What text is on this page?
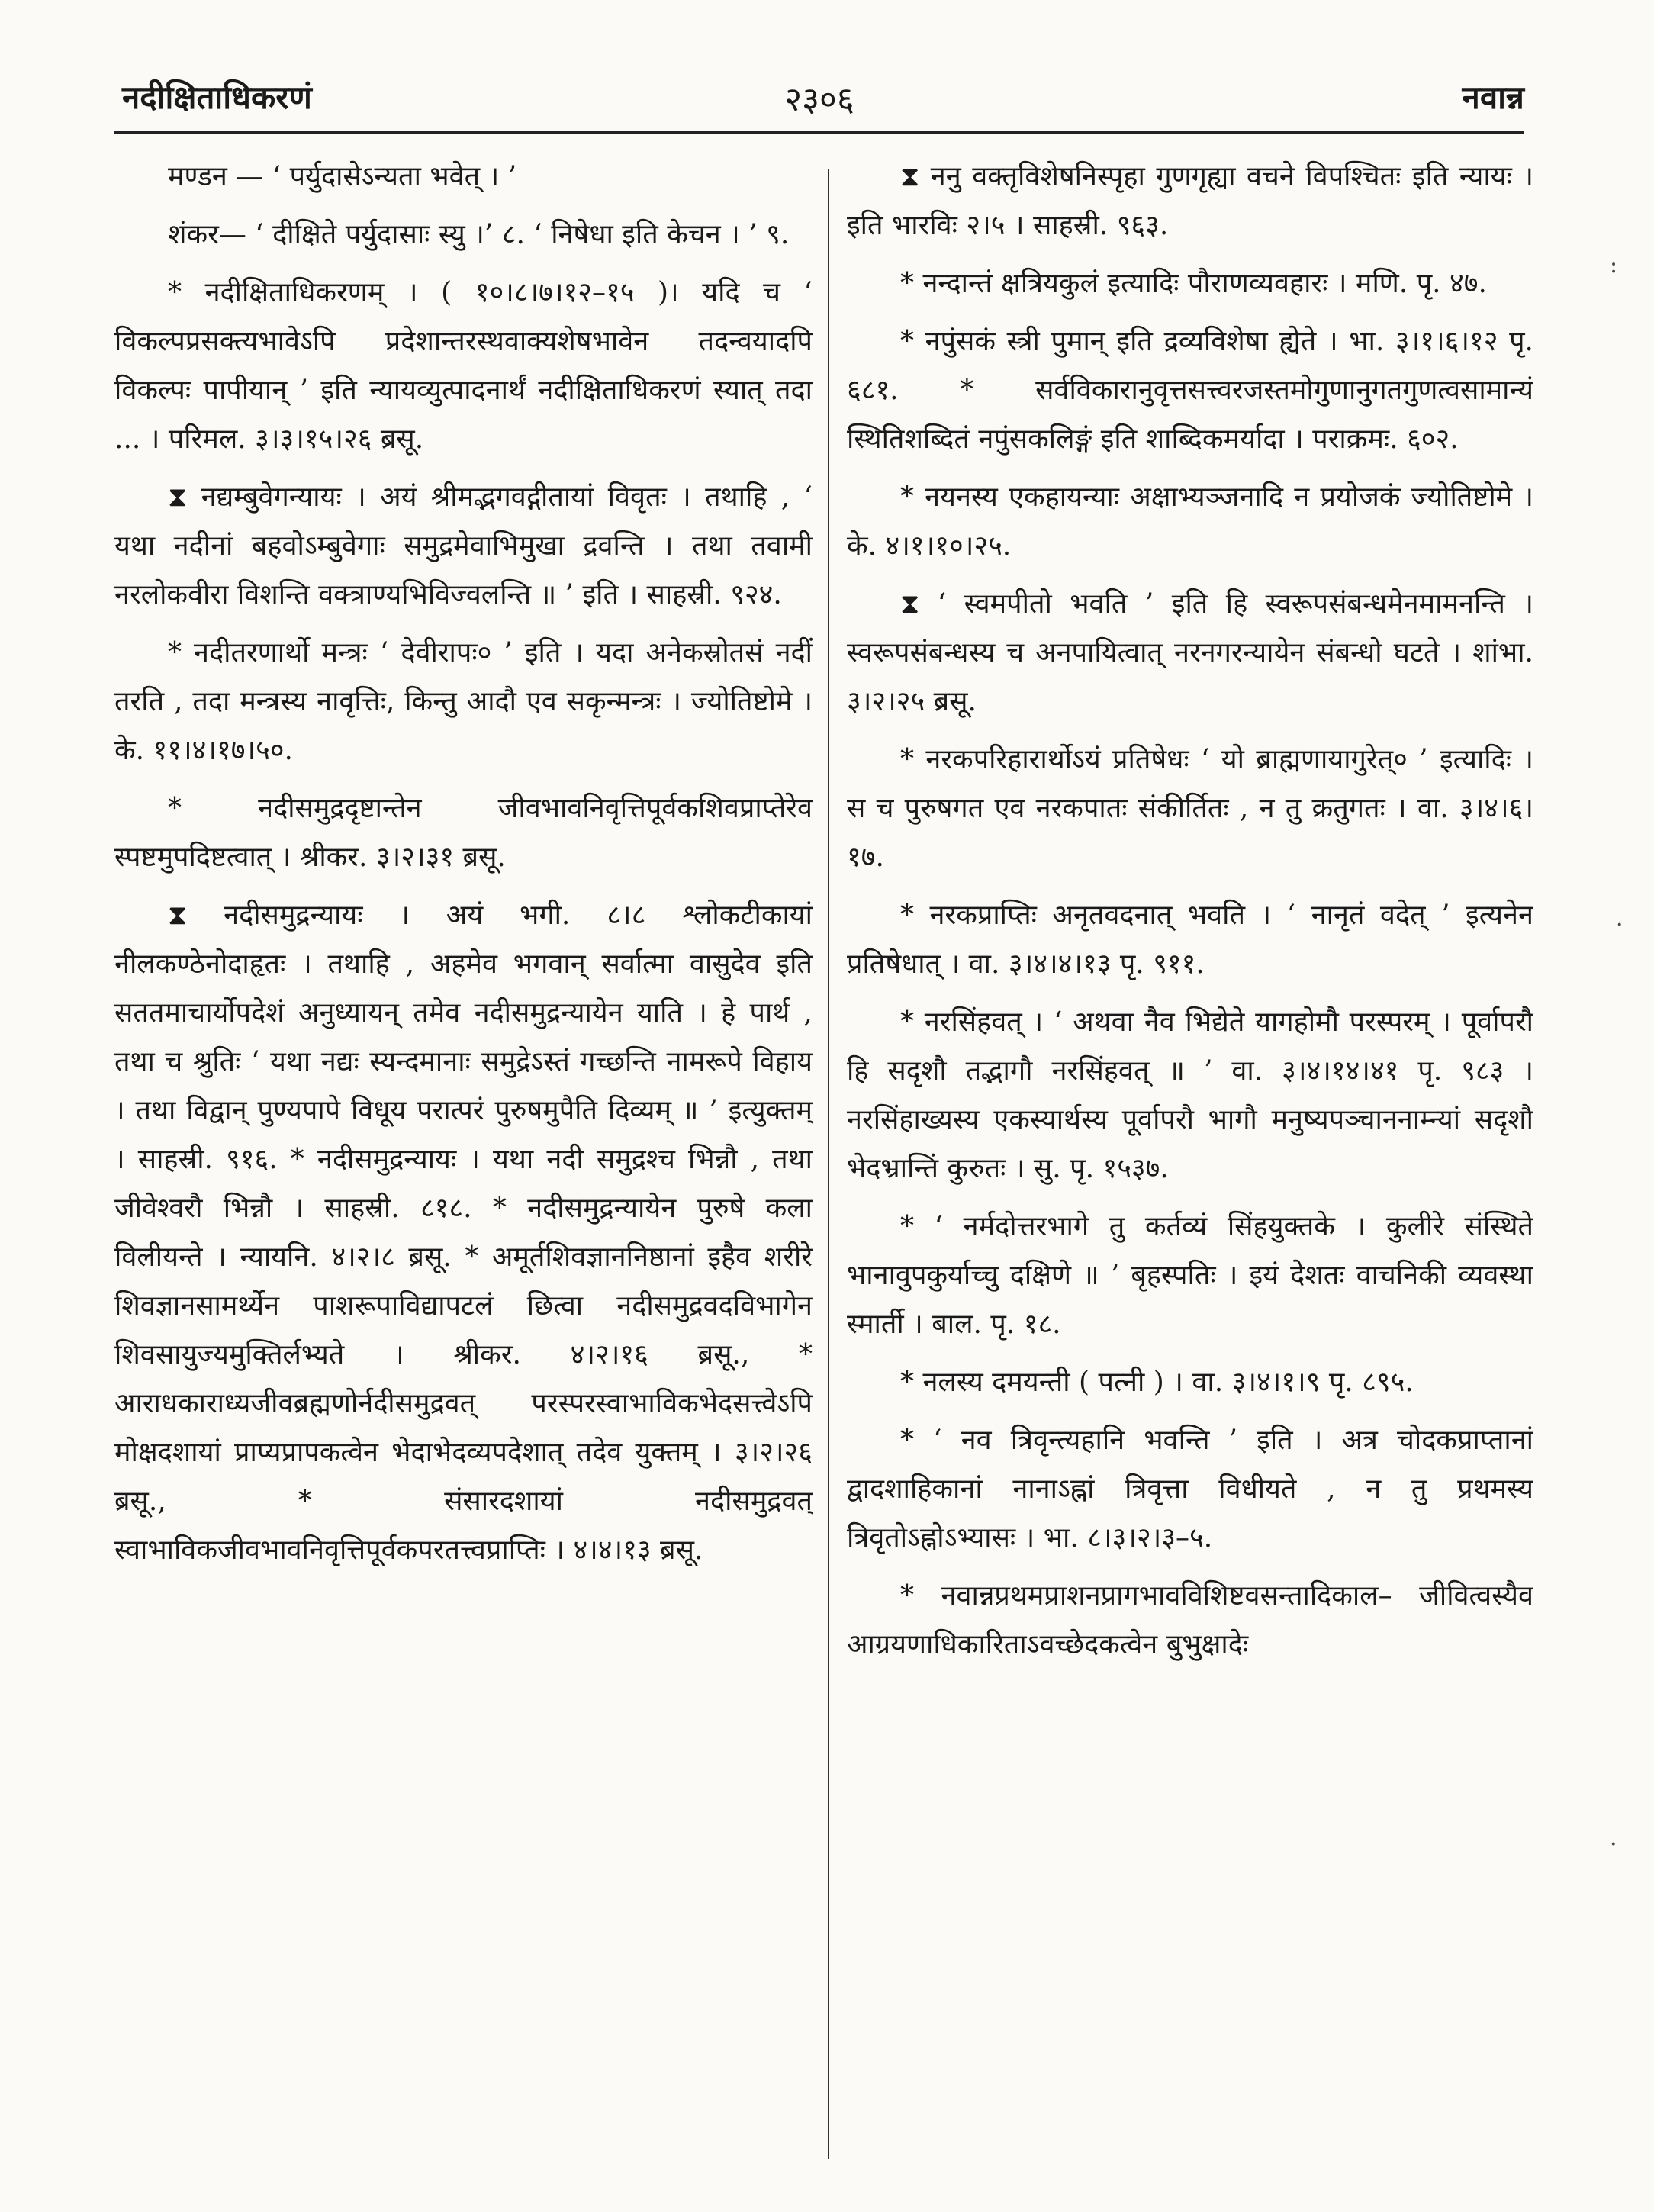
नदीक्षिताधिकरणं	२३०६	नवान्न
:
·
·

मण्डन — ‘ पर्युदासेऽन्यता भवेत् । ’

शंकर— ‘ दीक्षिते पर्युदासाः स्यु ।’ ८. ‘ निषेधा इति केचन । ’ ९.

* नदीक्षिताधिकरणम् । ( १०।८।७।१२–१५ )। यदि च ‘ विकल्पप्रसक्त्यभावेऽपि प्रदेशान्तरस्थवाक्यशेषभावेन तदन्वयादपि विकल्पः पापीयान् ’ इति न्यायव्युत्पादनार्थं नदीक्षिताधिकरणं स्यात् तदा ... । परिमल. ३।३।१५।२६ ब्रसू.

⧗ नद्यम्बुवेगन्यायः । अयं श्रीमद्भगवद्गीतायां विवृतः । तथाहि , ‘ यथा नदीनां बहवोऽम्बुवेगाः समुद्रमेवाभिमुखा द्रवन्ति । तथा तवामी नरलोकवीरा विशन्ति वक्त्राण्यभिविज्वलन्ति ॥ ’ इति । साहस्री. ९२४.

* नदीतरणार्थो मन्त्रः ‘ देवीरापः० ’ इति । यदा अनेकस्रोतसं नदीं तरति , तदा मन्त्रस्य नावृत्तिः, किन्तु आदौ एव सकृन्मन्त्रः । ज्योतिष्टोमे । के. ११।४।१७।५०.

* नदीसमुद्रदृष्टान्तेन जीवभावनिवृत्तिपूर्वकशिवप्राप्तेरेव स्पष्टमुपदिष्टत्वात् । श्रीकर. ३।२।३१ ब्रसू.

⧗ नदीसमुद्रन्यायः । अयं भगी. ८।८ श्लोकटीकायां नीलकण्ठेनोदाहृतः । तथाहि , अहमेव भगवान् सर्वात्मा वासुदेव इति सततमाचार्योपदेशं अनुध्यायन् तमेव नदीसमुद्रन्यायेन याति । हे पार्थ , तथा च श्रुतिः ‘ यथा नद्यः स्यन्दमानाः समुद्रेऽस्तं गच्छन्ति नामरूपे विहाय । तथा विद्वान् पुण्यपापे विधूय परात्परं पुरुषमुपैति दिव्यम् ॥ ’ इत्युक्तम् । साहस्री. ९१६. * नदीसमुद्रन्यायः । यथा नदी समुद्रश्च भिन्नौ , तथा जीवेश्वरौ भिन्नौ । साहस्री. ८१८. * नदीसमुद्रन्यायेन पुरुषे कला विलीयन्ते । न्यायनि. ४।२।८ ब्रसू. * अमूर्तशिवज्ञाननिष्ठानां इहैव शरीरे शिवज्ञानसामर्थ्येन पाशरूपाविद्यापटलं छित्वा नदीसमुद्रवदविभागेन शिवसायुज्यमुक्तिर्लभ्यते । श्रीकर. ४।२।१६ ब्रसू., * आराधकाराध्यजीवब्रह्मणोर्नदीसमुद्रवत् परस्परस्वाभाविकभेदसत्त्वेऽपि मोक्षदशायां प्राप्यप्रापकत्वेन भेदाभेदव्यपदेशात् तदेव युक्तम् । ३।२।२६ ब्रसू., * संसारदशायां नदीसमुद्रवत् स्वाभाविकजीवभावनिवृत्तिपूर्वकपरतत्त्वप्राप्तिः । ४।४।१३ ब्रसू.

⧗ ननु वक्तृविशेषनिस्पृहा गुणगृह्या वचने विपश्चितः इति न्यायः । इति भारविः २।५ । साहस्री. ९६३.

* नन्दान्तं क्षत्रियकुलं इत्यादिः पौराणव्यवहारः । मणि. पृ. ४७.

* नपुंसकं स्त्री पुमान् इति द्रव्यविशेषा ह्येते । भा. ३।१।६।१२ पृ. ६८१. * सर्वविकारानुवृत्तसत्त्वरजस्तमोगुणानुगतगुणत्वसामान्यं स्थितिशब्दितं नपुंसकलिङ्गं इति शाब्दिकमर्यादा । पराक्रमः. ६०२.

* नयनस्य एकहायन्याः अक्षाभ्यञ्जनादि न प्रयोजकं ज्योतिष्टोमे । के. ४।१।१०।२५.

⧗ ‘ स्वमपीतो भवति ’ इति हि स्वरूपसंबन्धमेनमामनन्ति । स्वरूपसंबन्धस्य च अनपायित्वात् नरनगरन्यायेन संबन्धो घटते । शांभा. ३।२।२५ ब्रसू.

* नरकपरिहारार्थोऽयं प्रतिषेधः ‘ यो ब्राह्मणायागुरेत्० ’ इत्यादिः । स च पुरुषगत एव नरकपातः संकीर्तितः , न तु क्रतुगतः । वा. ३।४।६।१७.

* नरकप्राप्तिः अनृतवदनात् भवति । ‘ नानृतं वदेत् ’ इत्यनेन प्रतिषेधात् । वा. ३।४।४।१३ पृ. ९११.

* नरसिंहवत् । ‘ अथवा नैव भिद्येते यागहोमौ परस्परम् । पूर्वापरौ हि सदृशौ तद्भागौ नरसिंहवत् ॥ ’ वा. ३।४।१४।४१ पृ. ९८३ । नरसिंहाख्यस्य एकस्यार्थस्य पूर्वापरौ भागौ मनुष्यपञ्चाननाम्न्यां सदृशौ भेदभ्रान्तिं कुरुतः । सु. पृ. १५३७.

* ‘ नर्मदोत्तरभागे तु कर्तव्यं सिंहयुक्तके । कुलीरे संस्थिते भानावुपकुर्याच्चु दक्षिणे ॥ ’ बृहस्पतिः । इयं देशतः वाचनिकी व्यवस्था स्मार्ती । बाल. पृ. १८.

* नलस्य दमयन्ती ( पत्नी ) । वा. ३।४।१।९ पृ. ८९५.

* ‘ नव त्रिवृन्त्यहानि भवन्ति ’ इति । अत्र चोदकप्राप्तानां द्वादशाहिकानां नानाऽह्नां त्रिवृत्ता विधीयते , न तु प्रथमस्य त्रिवृतोऽह्नोऽभ्यासः । भा. ८।३।२।३–५.

* नवान्नप्रथमप्राशनप्रागभावविशिष्टवसन्तादिकाल– जीवित्वस्यैव आग्रयणाधिकारिताऽवच्छेदकत्वेन बुभुक्षादेः
